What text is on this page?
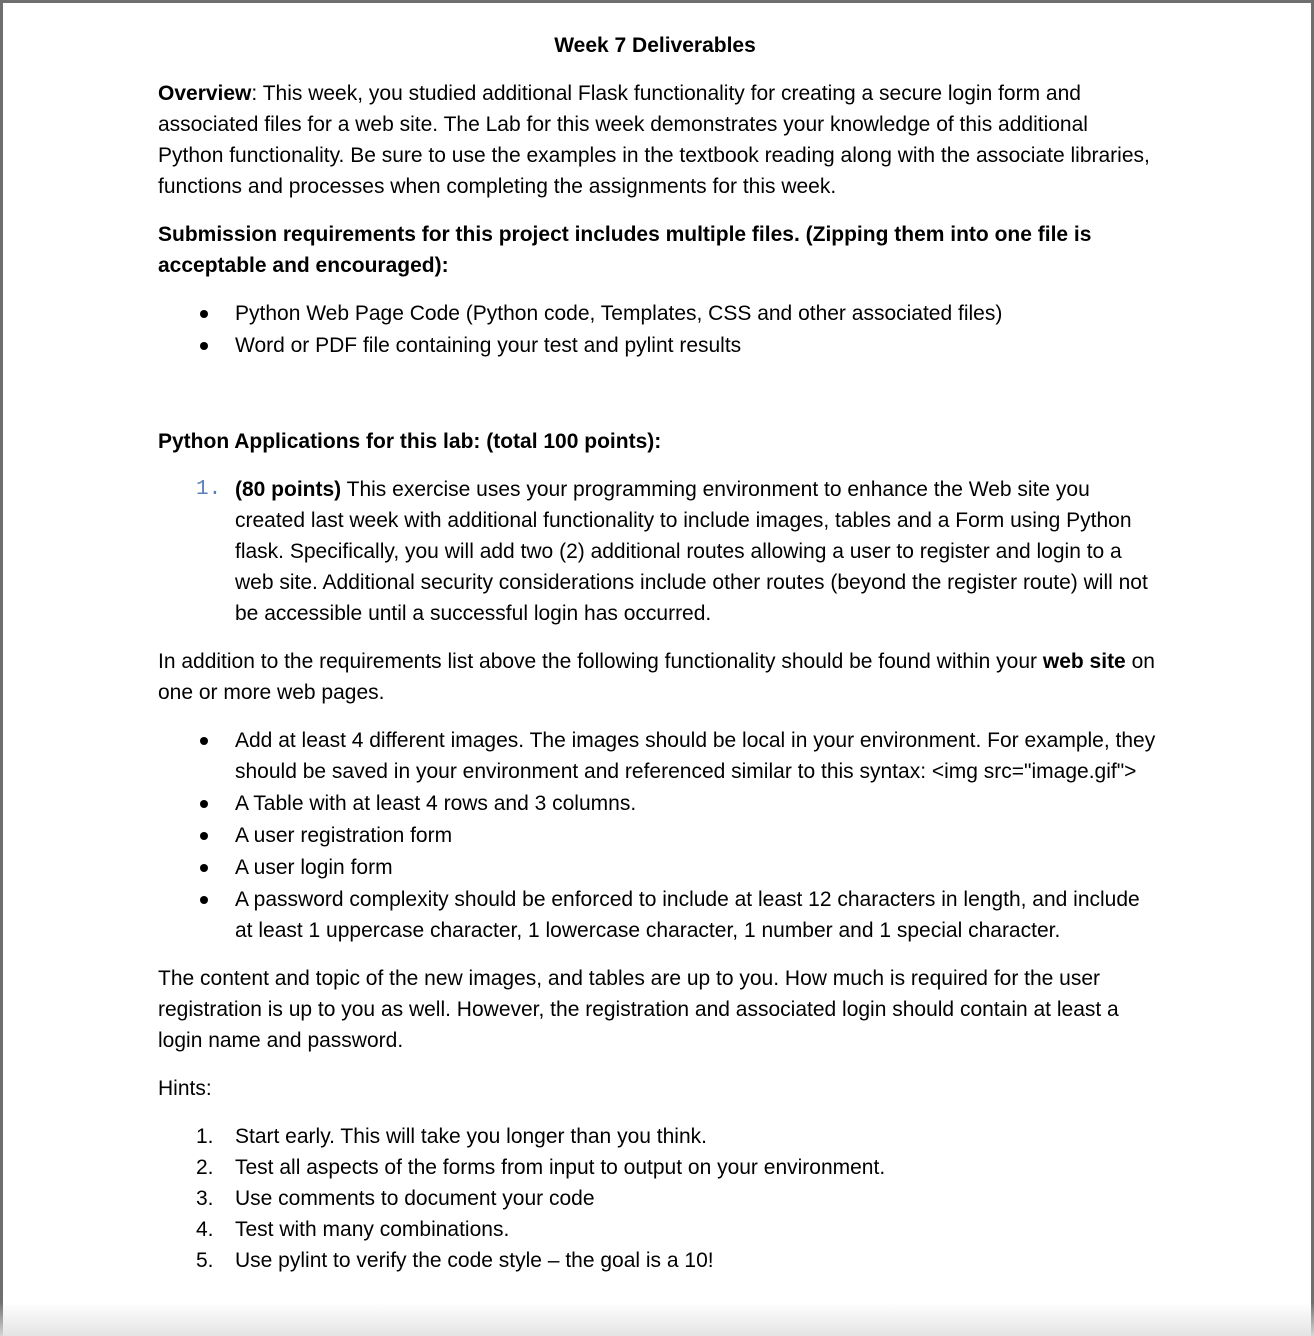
Week 7 Deliverables

Overview: This week, you studied additional Flask functionality for creating a secure login form and associated files for a web site. The Lab for this week demonstrates your knowledge of this additional Python functionality. Be sure to use the examples in the textbook reading along with the associate libraries, functions and processes when completing the assignments for this week.

Submission requirements for this project includes multiple files. (Zipping them into one file is acceptable and encouraged):

Python Web Page Code (Python code, Templates, CSS and other associated files)
Word or PDF file containing your test and pylint results

Python Applications for this lab: (total 100 points):

1. (80 points) This exercise uses your programming environment to enhance the Web site you created last week with additional functionality to include images, tables and a Form using Python flask. Specifically, you will add two (2) additional routes allowing a user to register and login to a web site. Additional security considerations include other routes (beyond the register route) will not be accessible until a successful login has occurred.

In addition to the requirements list above the following functionality should be found within your web site on one or more web pages.

Add at least 4 different images. The images should be local in your environment. For example, they should be saved in your environment and referenced similar to this syntax: <img src="image.gif">
A Table with at least 4 rows and 3 columns.
A user registration form
A user login form
A password complexity should be enforced to include at least 12 characters in length, and include at least 1 uppercase character, 1 lowercase character, 1 number and 1 special character.

The content and topic of the new images, and tables are up to you. How much is required for the user registration is up to you as well. However, the registration and associated login should contain at least a login name and password.

Hints:

1. Start early. This will take you longer than you think.
2. Test all aspects of the forms from input to output on your environment.
3. Use comments to document your code
4. Test with many combinations.
5. Use pylint to verify the code style – the goal is a 10!
